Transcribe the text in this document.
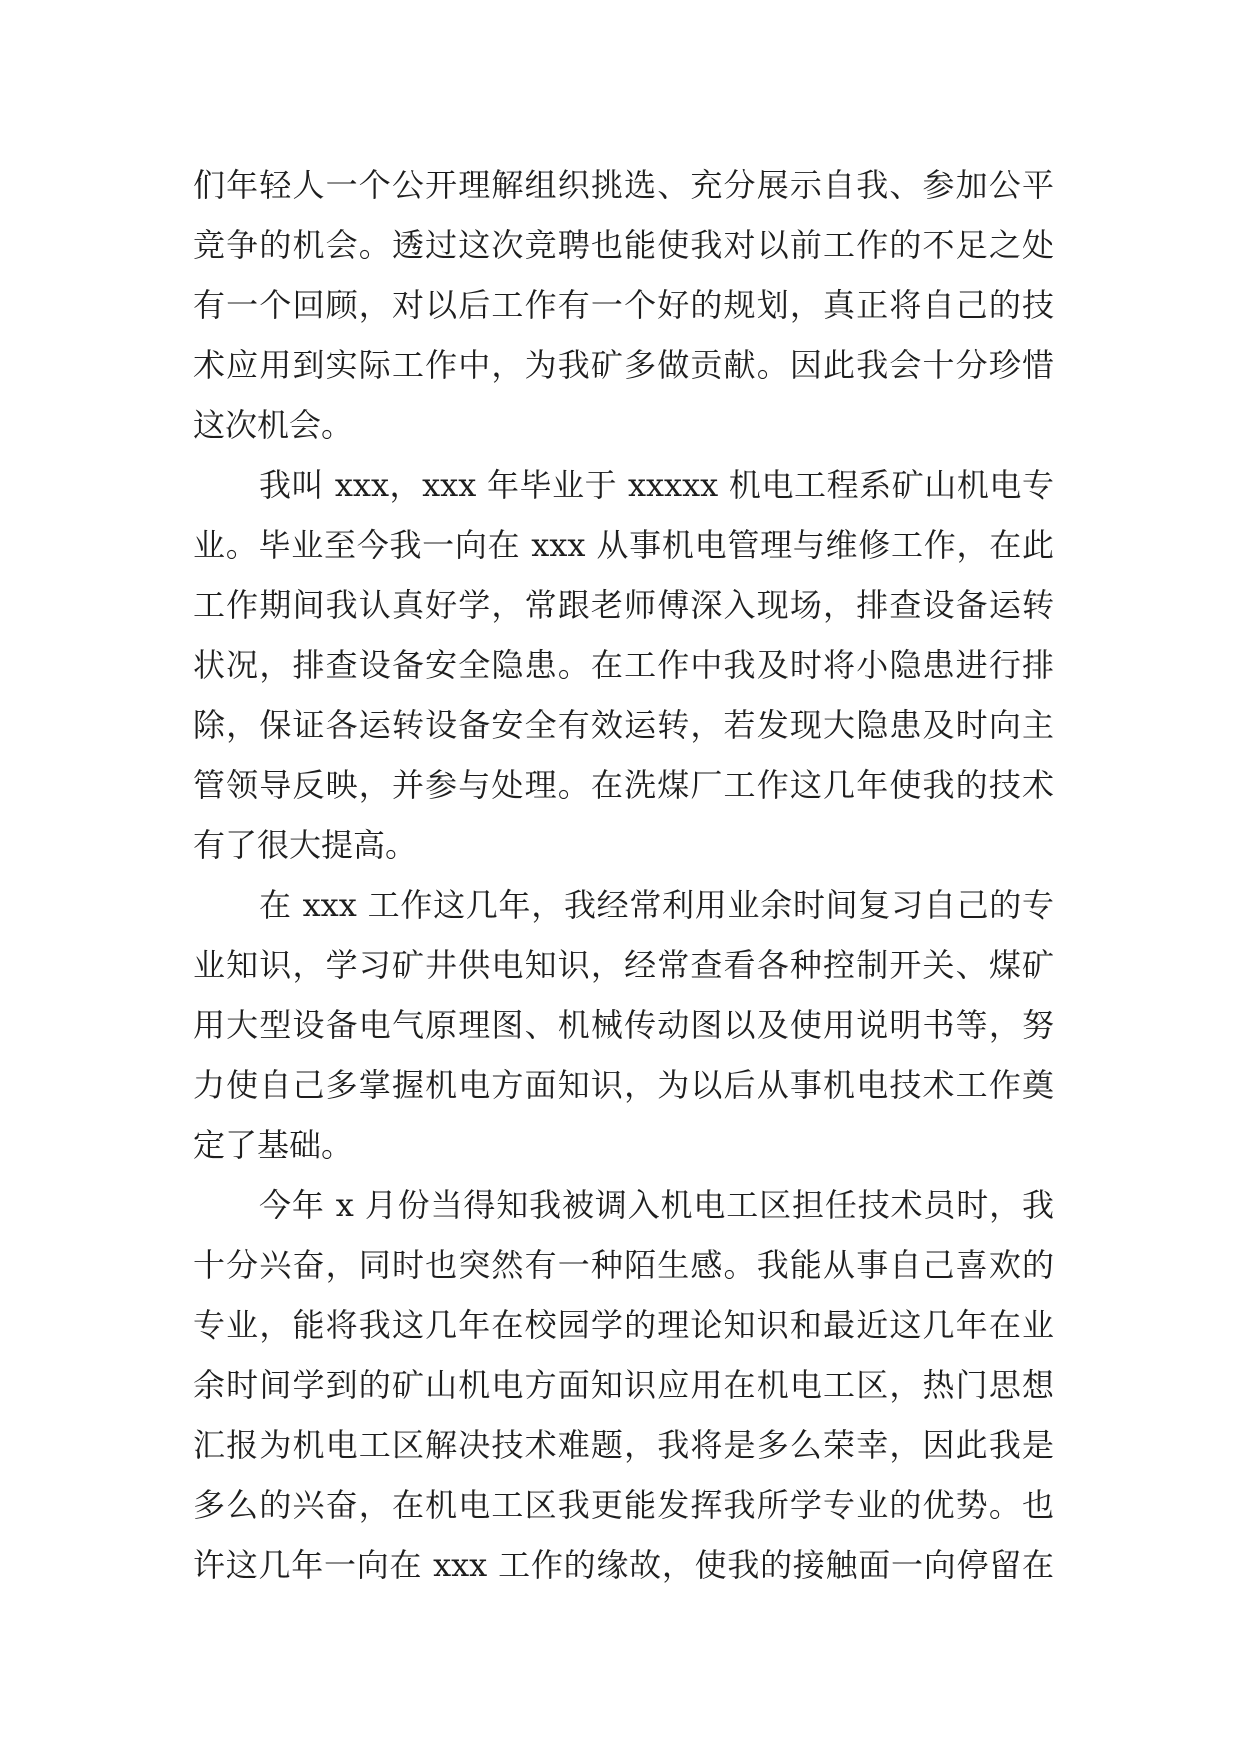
们年轻人一个公开理解组织挑选、充分展示自我、参加公平
竞争的机会。透过这次竞聘也能使我对以前工作的不足之处
有一个回顾，对以后工作有一个好的规划，真正将自己的技
术应用到实际工作中，为我矿多做贡献。因此我会十分珍惜
这次机会。
我叫 xxx，xxx 年毕业于 xxxxx 机电工程系矿山机电专
业。毕业至今我一向在 xxx 从事机电管理与维修工作，在此
工作期间我认真好学，常跟老师傅深入现场，排查设备运转
状况，排查设备安全隐患。在工作中我及时将小隐患进行排
除，保证各运转设备安全有效运转，若发现大隐患及时向主
管领导反映，并参与处理。在洗煤厂工作这几年使我的技术
有了很大提高。
在 xxx 工作这几年，我经常利用业余时间复习自己的专
业知识，学习矿井供电知识，经常查看各种控制开关、煤矿
用大型设备电气原理图、机械传动图以及使用说明书等，努
力使自己多掌握机电方面知识，为以后从事机电技术工作奠
定了基础。
今年 x 月份当得知我被调入机电工区担任技术员时，我
十分兴奋，同时也突然有一种陌生感。我能从事自己喜欢的
专业，能将我这几年在校园学的理论知识和最近这几年在业
余时间学到的矿山机电方面知识应用在机电工区，热门思想
汇报为机电工区解决技术难题，我将是多么荣幸，因此我是
多么的兴奋，在机电工区我更能发挥我所学专业的优势。也
许这几年一向在 xxx 工作的缘故，使我的接触面一向停留在
